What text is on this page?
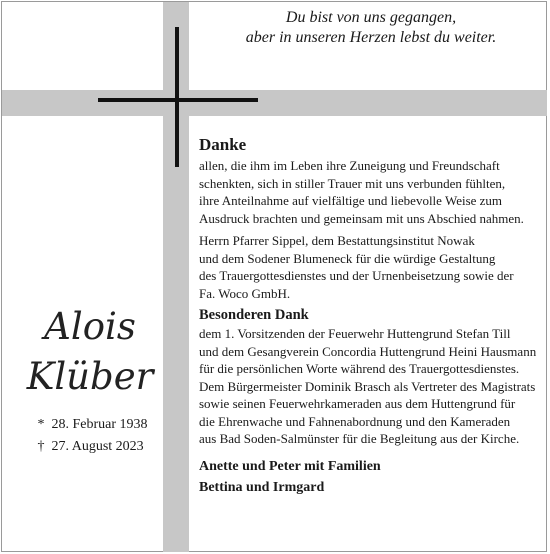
Du bist von uns gegangen,
aber in unseren Herzen lebst du weiter.
Alois
Klüber
* 28. Februar 1938
† 27. August 2023
Danke
allen, die ihm im Leben ihre Zuneigung und Freundschaft
schenkten, sich in stiller Trauer mit uns verbunden fühlten,
ihre Anteilnahme auf vielfältige und liebevolle Weise zum
Ausdruck brachten und gemeinsam mit uns Abschied nahmen.
Herrn Pfarrer Sippel, dem Bestattungsinstitut Nowak
und dem Sodener Blumeneck für die würdige Gestaltung
des Trauergottesdienstes und der Urnenbeisetzung sowie der
Fa. Woco GmbH.
Besonderen Dank
dem 1. Vorsitzenden der Feuerwehr Huttengrund Stefan Till
und dem Gesangverein Concordia Huttengrund Heini Hausmann
für die persönlichen Worte während des Trauergottesdienstes.
Dem Bürgermeister Dominik Brasch als Vertreter des Magistrats
sowie seinen Feuerwehrkameraden aus dem Huttengrund für
die Ehrenwache und Fahnenabordnung und den Kameraden
aus Bad Soden-Salmünster für die Begleitung aus der Kirche.
Anette und Peter mit Familien
Bettina und Irmgard
